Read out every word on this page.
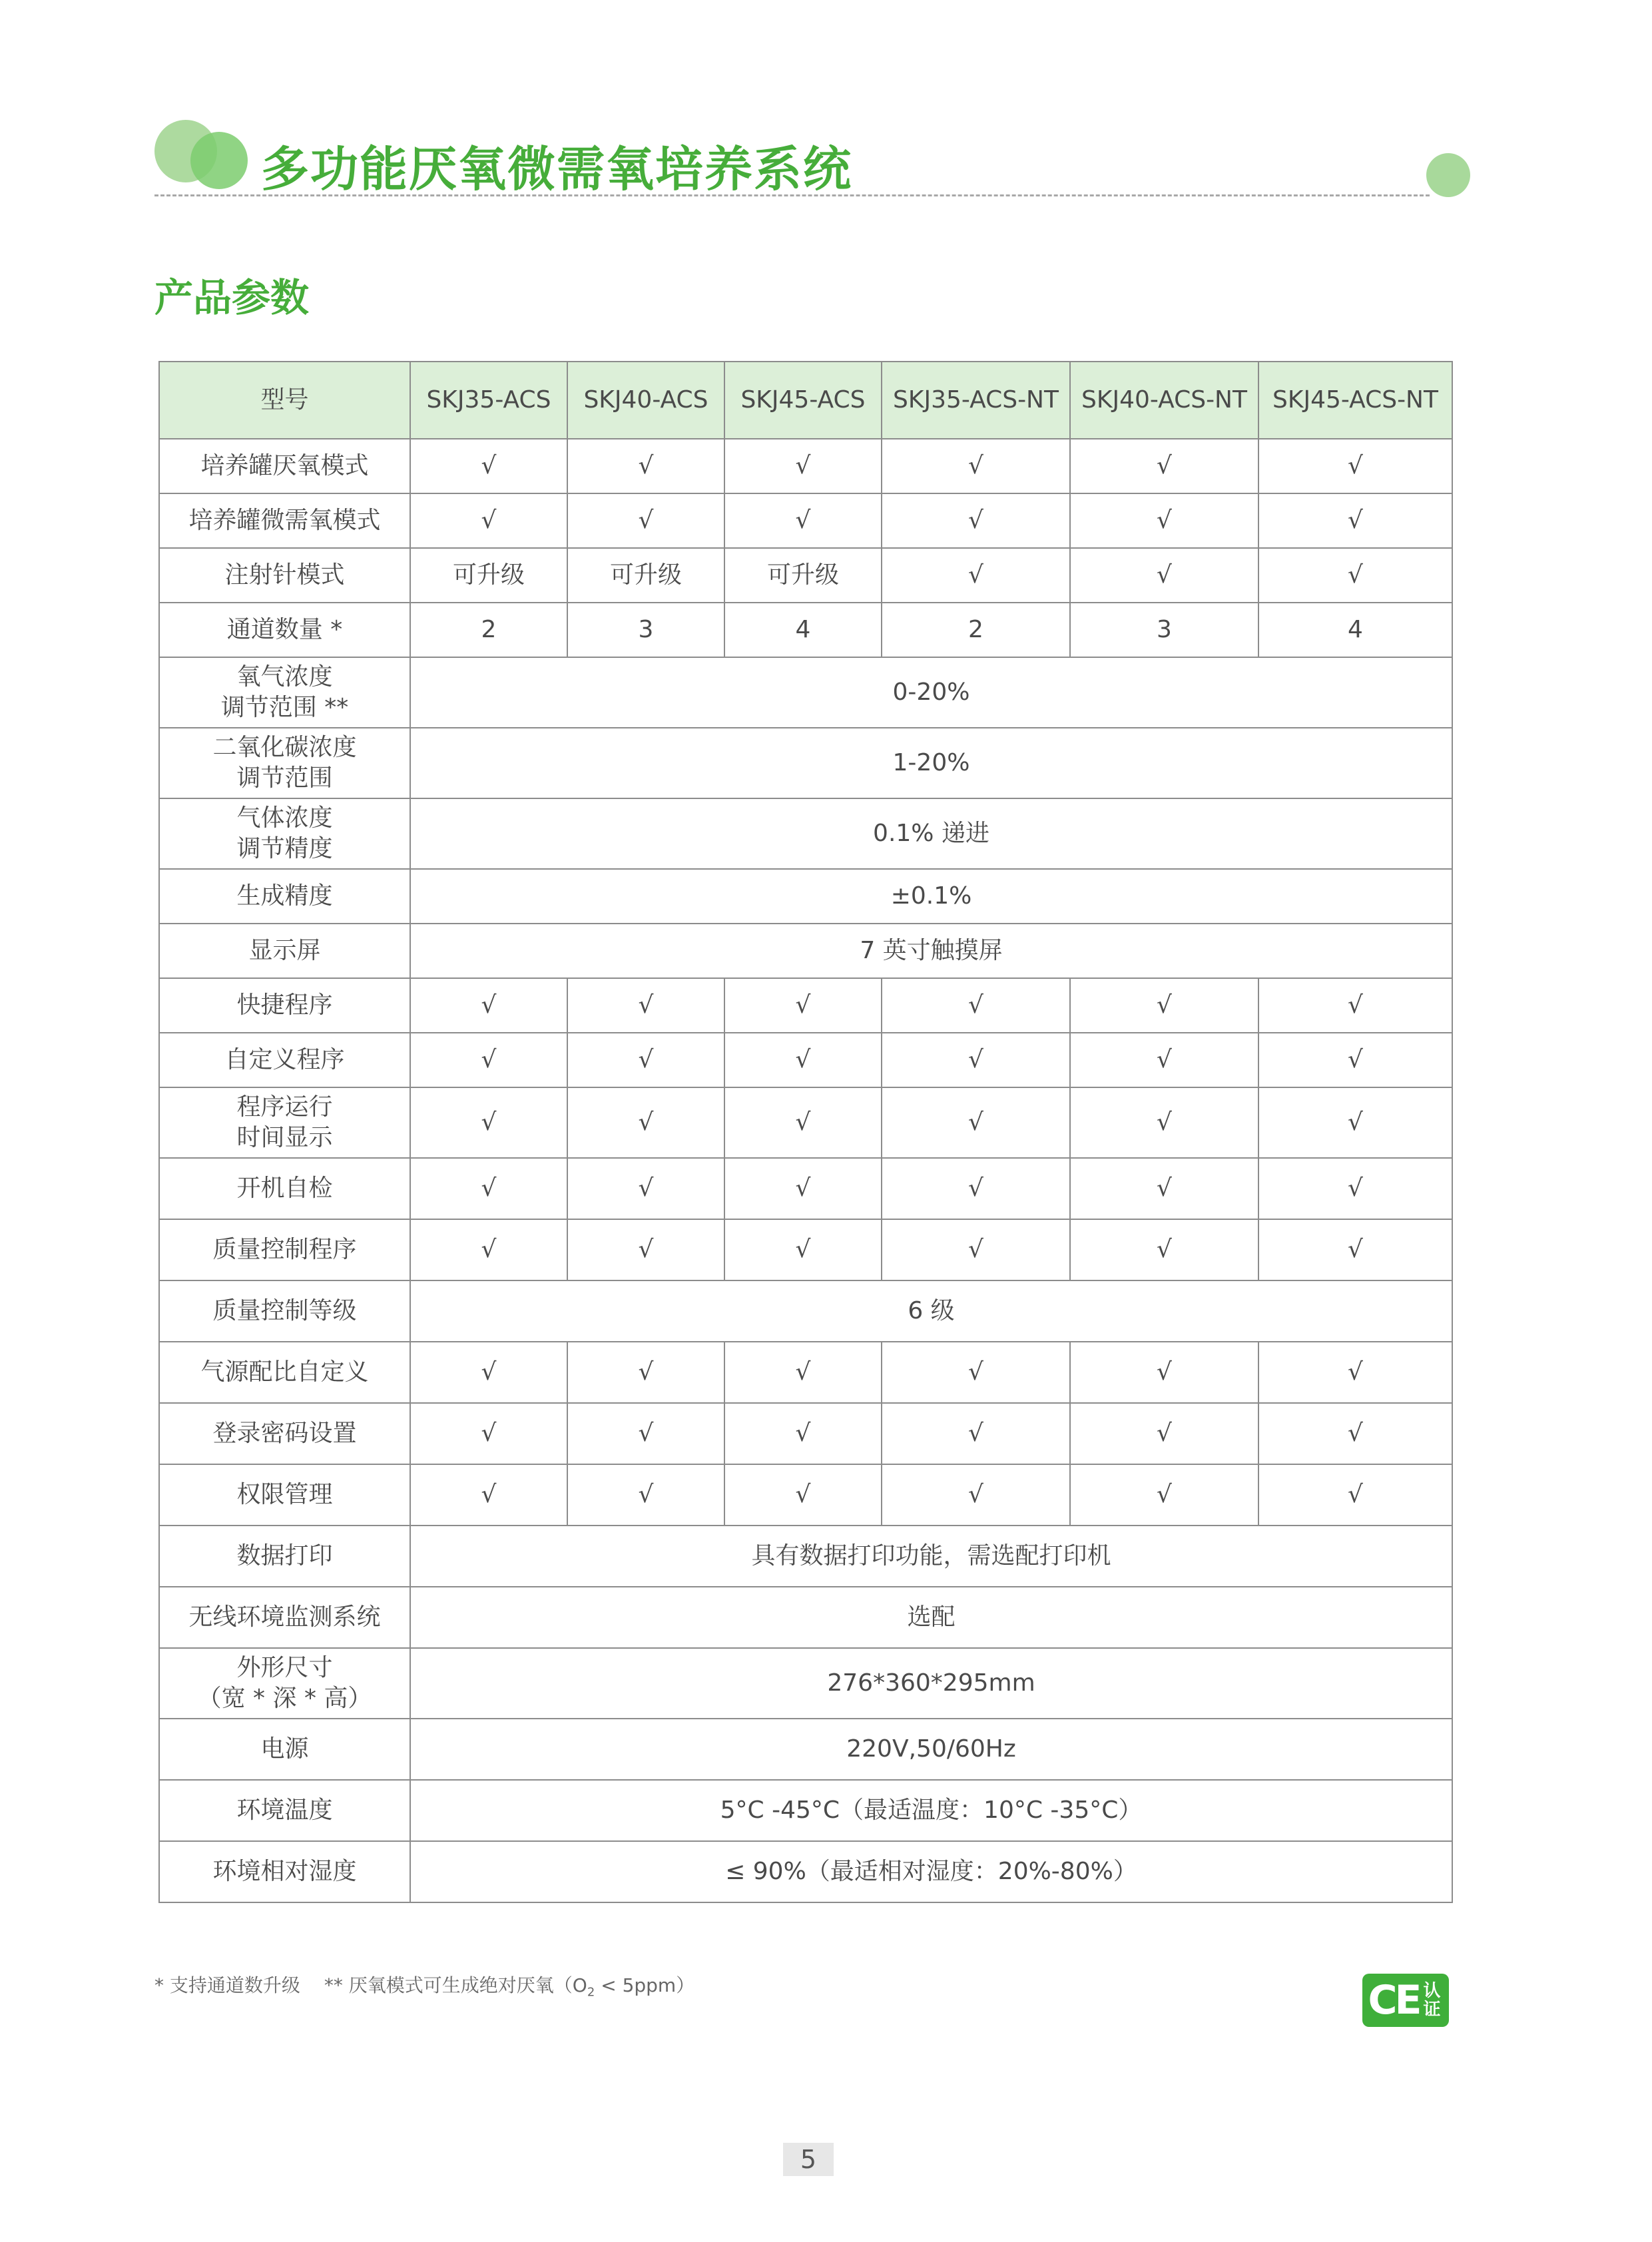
多功能厌氧微需氧培养系统
产品参数
型号	SKJ35-ACS	SKJ40-ACS	SKJ45-ACS	SKJ35-ACS-NT	SKJ40-ACS-NT	SKJ45-ACS-NT
培养罐厌氧模式	√	√	√	√	√	√
培养罐微需氧模式	√	√	√	√	√	√
注射针模式	可升级	可升级	可升级	√	√	√
通道数量 *	2	3	4	2	3	4

氧气浓度
调节范围 **	0-20%					

二氧化碳浓度
调节范围	1-20%					

气体浓度
调节精度	0.1% 递进					
生成精度	±0.1%					
显示屏	7 英寸触摸屏					
快捷程序	√	√	√	√	√	√
自定义程序	√	√	√	√	√	√

程序运行
时间显示	√	√	√	√	√	√
开机自检	√	√	√	√	√	√
质量控制程序	√	√	√	√	√	√
质量控制等级	6 级					
气源配比自定义	√	√	√	√	√	√
登录密码设置	√	√	√	√	√	√
权限管理	√	√	√	√	√	√
数据打印	具有数据打印功能，需选配打印机					
无线环境监测系统	选配					

外形尺寸
（宽 * 深 * 高）	276*360*295mm					
电源	220V,50/60Hz					
环境温度	5°C -45°C（最适温度：10°C -35°C）					
环境相对湿度	≤ 90%（最适相对湿度：20%-80%）					
* 支持通道数升级 ** 厌氧模式可生成绝对厌氧$(O_2 < 5ppm)$	CE 认证
5
